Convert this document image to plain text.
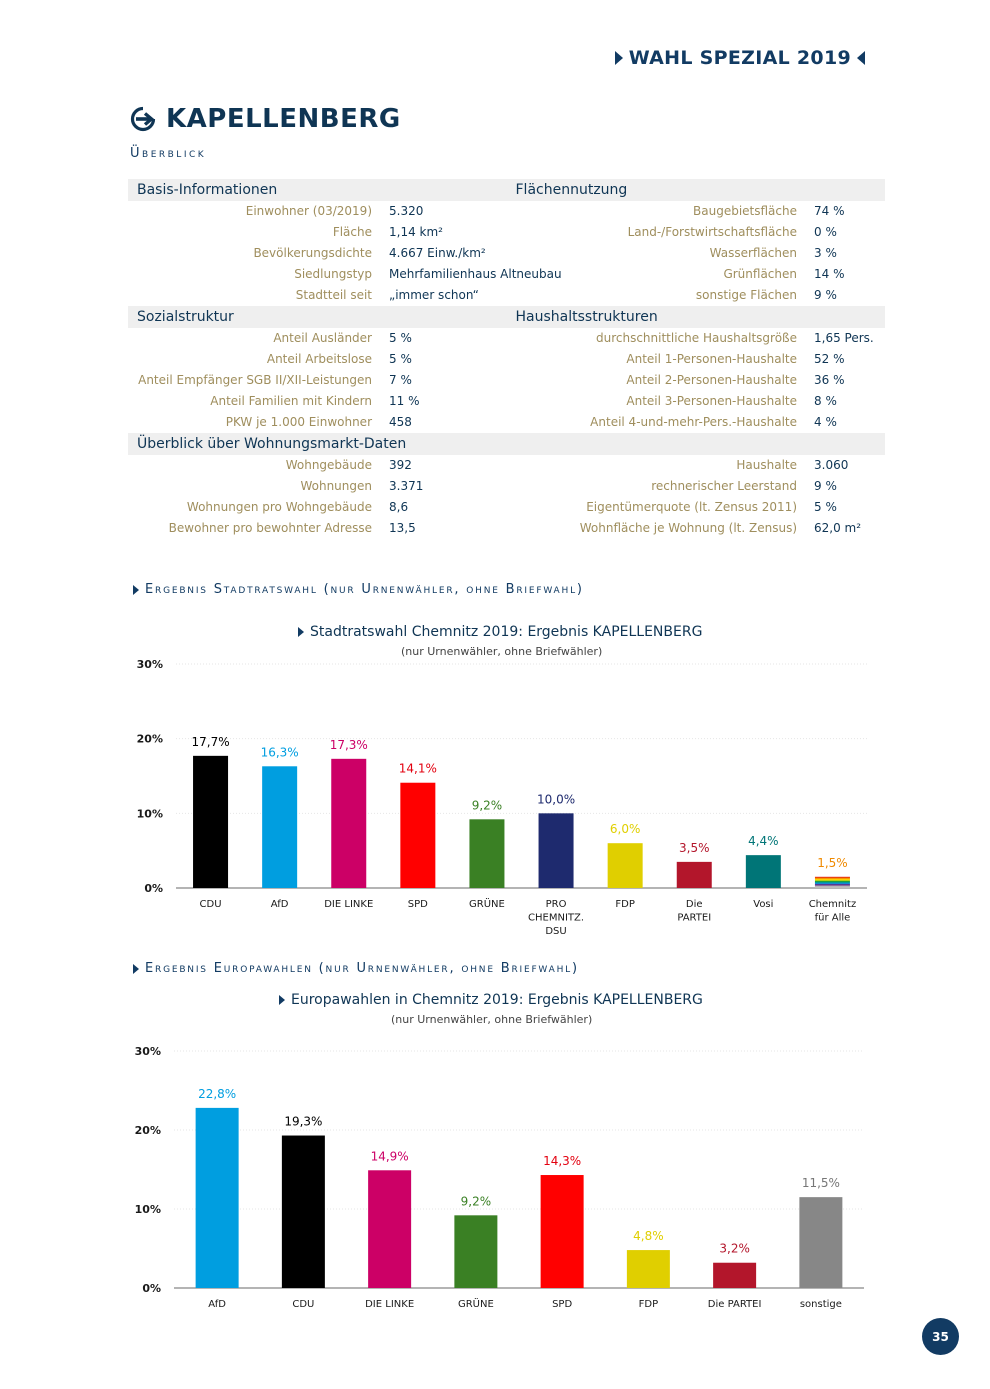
WAHL SPEZIAL 2019
KAPELLENBERG
Überblick
Basis-Informationen	Flächennutzung
Einwohner (03/2019)	5.320	Baugebietsfläche	74 %
Fläche	1,14 km²	Land-/Forstwirtschaftsfläche	0 %
Bevölkerungsdichte	4.667 Einw./km²	Wasserflächen	3 %
Siedlungstyp	Mehrfamilienhaus Altneubau	Grünflächen	14 %
Stadtteil seit	„immer schon“	sonstige Flächen	9 %
Sozialstruktur	Haushaltsstrukturen
Anteil Ausländer	5 %	durchschnittliche Haushaltsgröße	1,65 Pers.
Anteil Arbeitslose	5 %	Anteil 1-Personen-Haushalte	52 %
Anteil Empfänger SGB II/XII-Leistungen	7 %	Anteil 2-Personen-Haushalte	36 %
Anteil Familien mit Kindern	11 %	Anteil 3-Personen-Haushalte	8 %
PKW je 1.000 Einwohner	458	Anteil 4-und-mehr-Pers.-Haushalte	4 %
Überblick über Wohnungsmarkt-Daten
Wohngebäude	392	Haushalte	3.060
Wohnungen	3.371	rechnerischer Leerstand	9 %
Wohnungen pro Wohngebäude	8,6	Eigentümerquote (lt. Zensus 2011)	5 %
Bewohner pro bewohnter Adresse	13,5	Wohnfläche je Wohnung (lt. Zensus)	62,0 m²
Ergebnis Stadtratswahl (nur Urnenwähler, ohne Briefwahl)
Stadtratswahl Chemnitz 2019: Ergebnis KAPELLENBERG
(nur Urnenwähler, ohne Briefwähler)
0%
10%
20%
30%
17,7%
CDU
16,3%
AfD
17,3%
DIE LINKE
14,1%
SPD
9,2%
GRÜNE
10,0%
PRO
CHEMNITZ.
DSU
6,0%
FDP
3,5%
Die
PARTEI
4,4%
Vosi
1,5%
Chemnitz
für Alle
Ergebnis Europawahlen (nur Urnenwähler, ohne Briefwahl)
Europawahlen in Chemnitz 2019: Ergebnis KAPELLENBERG
(nur Urnenwähler, ohne Briefwähler)
0%
10%
20%
30%
22,8%
AfD
19,3%
CDU
14,9%
DIE LINKE
9,2%
GRÜNE
14,3%
SPD
4,8%
FDP
3,2%
Die PARTEI
11,5%
sonstige
35
